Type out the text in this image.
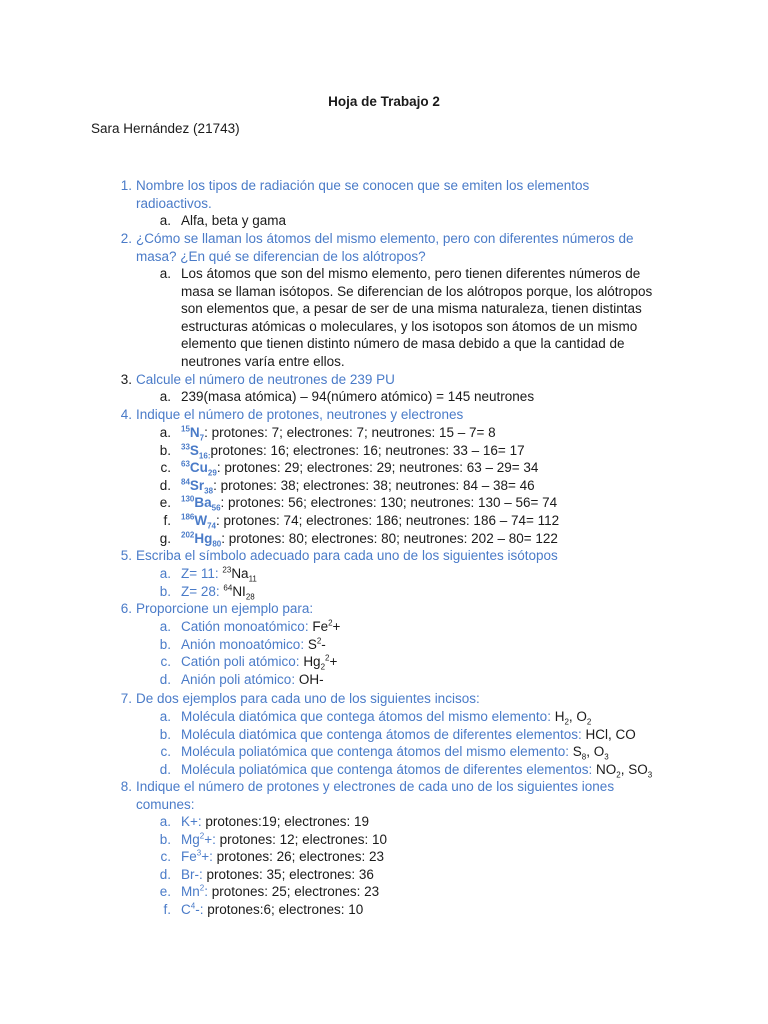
Hoja de Trabajo 2
Sara Hernández (21743)
1. Nombre los tipos de radiación que se conocen que se emiten los elementos radioactivos.
a. Alfa, beta y gama
2. ¿Cómo se llaman los átomos del mismo elemento, pero con diferentes números de masa? ¿En qué se diferencian de los alótropos?
a. Los átomos que son del mismo elemento, pero tienen diferentes números de masa se llaman isótopos. Se diferencian de los alótropos porque, los alótropos son elementos que, a pesar de ser de una misma naturaleza, tienen distintas estructuras atómicas o moleculares, y los isotopos son átomos de un mismo elemento que tienen distinto número de masa debido a que la cantidad de neutrones varía entre ellos.
3. Calcule el número de neutrones de 239 PU
a. 239(masa atómica) – 94(número atómico) = 145 neutrones
4. Indique el número de protones, neutrones y electrones
a. $^{15}N_7$: protones: 7; electrones: 7; neutrones: 15 – 7= 8
b. $^{33}S_{16:}protones$: 16; electrones: 16; neutrones: 33 – 16= 17
c. $^{63}Cu_{29}$: protones: 29; electrones: 29; neutrones: 63 – 29= 34
d. $^{84}Sr_{38}$: protones: 38; electrones: 38; neutrones: 84 – 38= 46
e. $^{130}Ba_{56}$: protones: 56; electrones: 130; neutrones: 130 – 56= 74
f. $^{186}W_{74}$: protones: 74; electrones: 186; neutrones: 186 – 74= 112
g. $^{202}Hg_{80}$: protones: 80; electrones: 80; neutrones: 202 – 80= 122
5. Escriba el símbolo adecuado para cada uno de los siguientes isótopos
a. Z= 11: $^{23}Na_{11}$
b. Z= 28: $^{64}NI_{28}$
6. Proporcione un ejemplo para:
a. Catión monoatómico: $Fe^2+$
b. Anión monoatómico: $S^2-$
c. Catión poli atómico: $Hg_2^2+$
d. Anión poli atómico: OH-
7. De dos ejemplos para cada uno de los siguientes incisos:
a. Molécula diatómica que contega átomos del mismo elemento: $H_2$, $O_2$
b. Molécula diatómica que contenga átomos de diferentes elementos: HCl, CO
c. Molécula poliatómica que contenga átomos del mismo elemento: $S_8$, $O_3$
d. Molécula poliatómica que contenga átomos de diferentes elementos: $NO_2$, $SO_3$
8. Indique el número de protones y electrones de cada uno de los siguientes iones comunes:
a. K+: protones:19; electrones: 19
b. $Mg^2+$: protones: 12; electrones: 10
c. $Fe^3+$: protones: 26; electrones: 23
d. Br-: protones: 35; electrones: 36
e. Mn$^2$: protones: 25; electrones: 23
f. $C^4-$: protones:6; electrones: 10
